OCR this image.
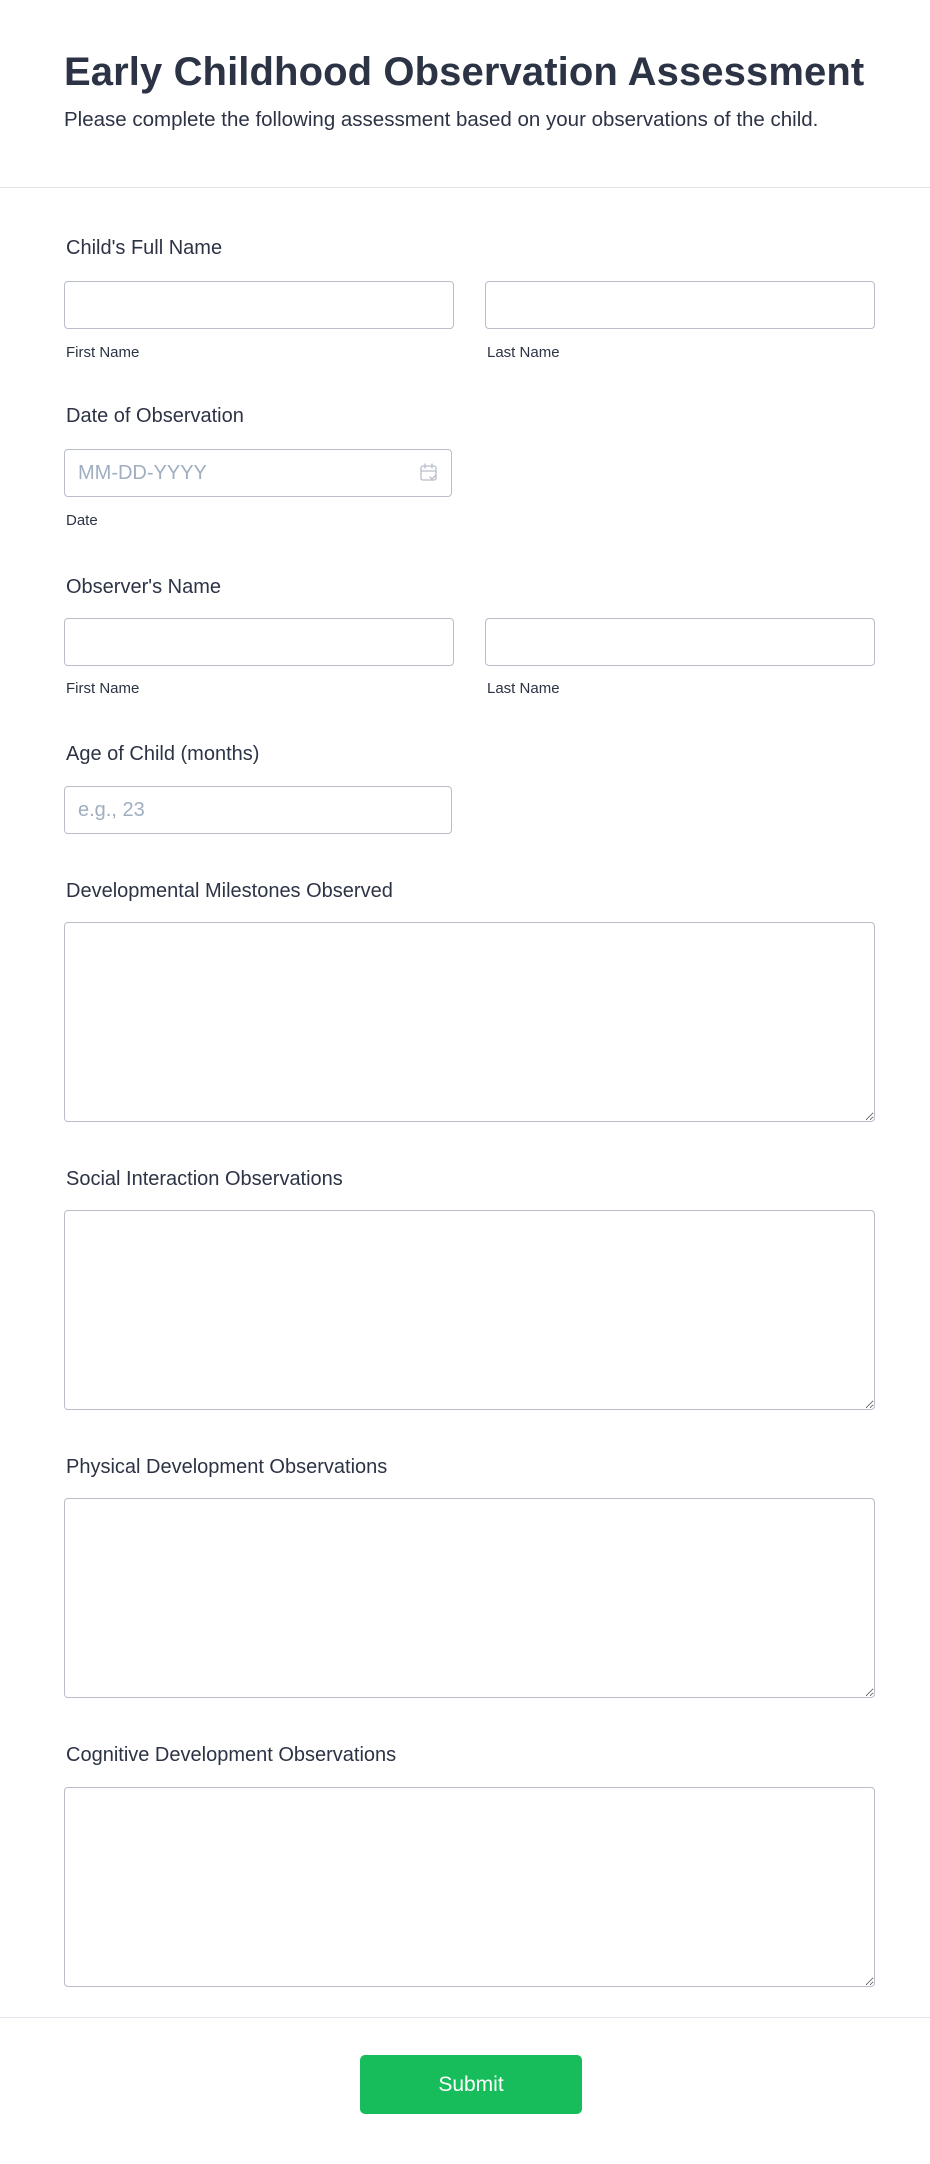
Early Childhood Observation Assessment

Please complete the following assessment based on your observations of the child.

Child's Full Name
First Name	Last Name
Date of Observation
MM-DD-YYYY
Date
Observer's Name
First Name	Last Name
Age of Child (months)
e.g., 23
Developmental Milestones Observed
Social Interaction Observations
Physical Development Observations
Cognitive Development Observations
Submit
